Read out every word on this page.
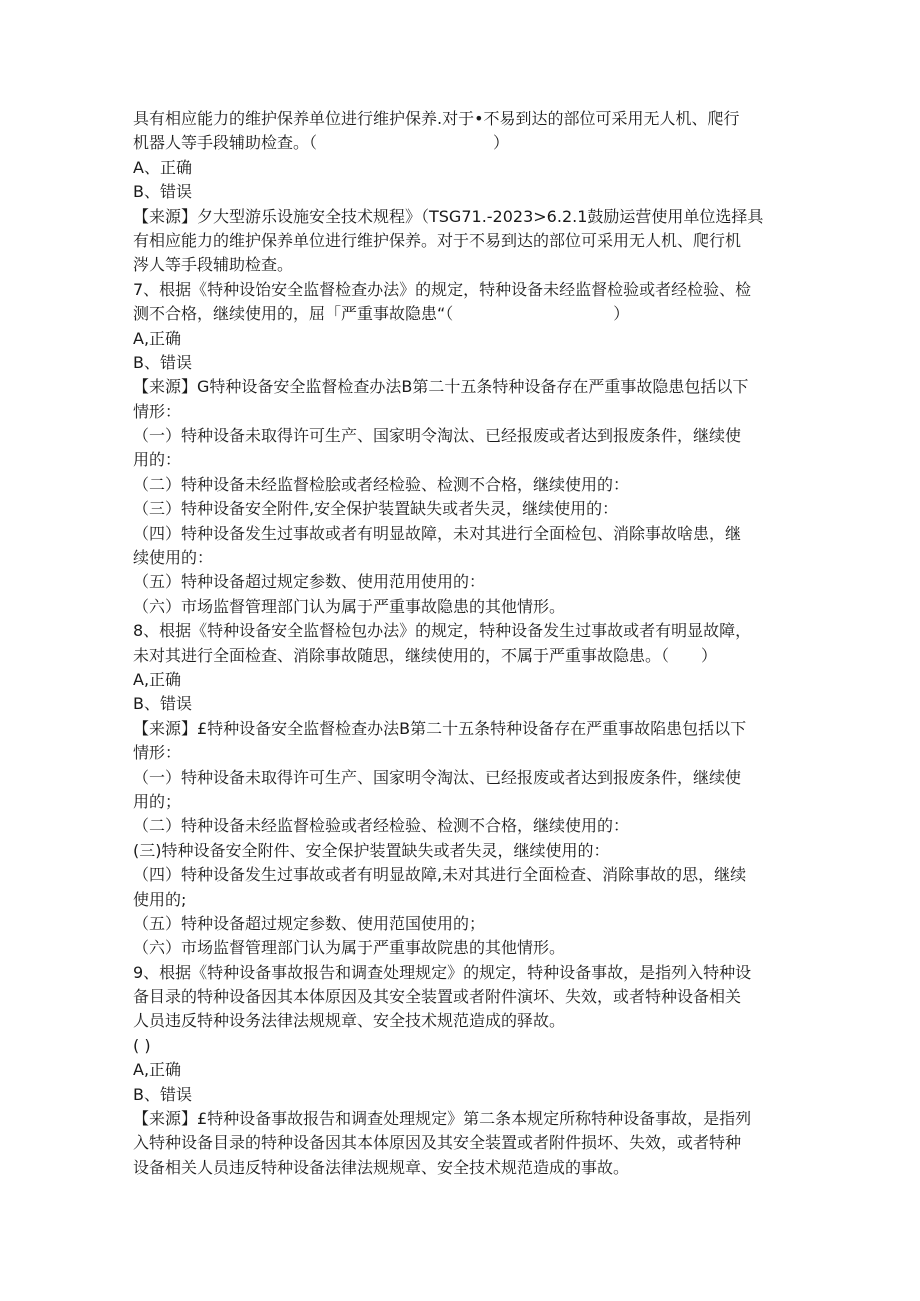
具有相应能力的维护保养单位进行维护保养.对于•不易到达的部位可采用无人机、爬行
机器人等手段辅助检查。（　　　　　　　　　　　）
A、正确
B、错误
【来源】夕大型游乐设施安全技术规程》（TSG71.-2023>6.2.1鼓励运营使用单位选择具
有相应能力的维护保养单位进行维护保养。对于不易到达的部位可采用无人机、爬行机
涔人等手段辅助检查。
7、根据《特种设饴安全监督检查办法》的规定，特种设备未经监督检验或者经检验、检
测不合格，继续使用的，屈「严重事故隐患“（　　　　　　　　　　）
A,正确
B、错误
【来源】G特种设备安全监督检查办法B第二十五条特种设备存在严重事故隐患包括以下
情形：
（一）特种设备未取得许可生产、国家明令淘汰、已经报废或者达到报废条件，继续使
用的：
（二）特种设备未经监督检脍或者经检验、检测不合格，继续使用的：
（三）特种设备安全附件,安全保护装置缺失或者失灵，继续使用的：
（四）特种设备发生过事故或者有明显故障，未对其进行全面检包、消除事故啥患，继
续使用的：
（五）特种设备超过规定参数、使用范用使用的：
（六）市场监督管理部门认为属于严重事故隐患的其他情形。
8、根据《特种设备安全监督检包办法》的规定，特种设备发生过事故或者有明显故障，
未对其进行全面检查、消除事故随思，继续使用的，不属于严重事故隐患。（　　）
A,正确
B、错误
【来源】£特种设备安全监督检查办法B第二十五条特种设备存在严重事故陷患包括以下
情形：
（一）特种设备未取得许可生产、国家明令淘汰、已经报废或者达到报废条件，继续使
用的；
（二）特种设备未经监督检验或者经检验、检测不合格，继续使用的：
(三)特种设备安全附件、安全保护装置缺失或者失灵，继续使用的：
（四）特种设备发生过事故或者有明显故障,未对其进行全面检查、消除事故的思，继续
使用的;
（五）特种设备超过规定参数、使用范国使用的；
（六）市场监督管理部门认为属于严重事故院患的其他情形。
9、根据《特种设备事故报告和调查处理规定》的规定，特种设备事故，是指列入特种设
备目录的特种设备因其本体原因及其安全装置或者附件演坏、失效，或者特种设备相关
人员违反特种设务法律法规规章、安全技术规范造成的驿故。
( )
A,正确
B、错误
【来源】£特种设备事故报告和调查处理规定》第二条本规定所称特种设备事故，是指列
入特种设备目录的特种设备因其本体原因及其安全装置或者附件损坏、失效，或者特种
设备相关人员违反特种设备法律法规规章、安全技术规范造成的事故。
